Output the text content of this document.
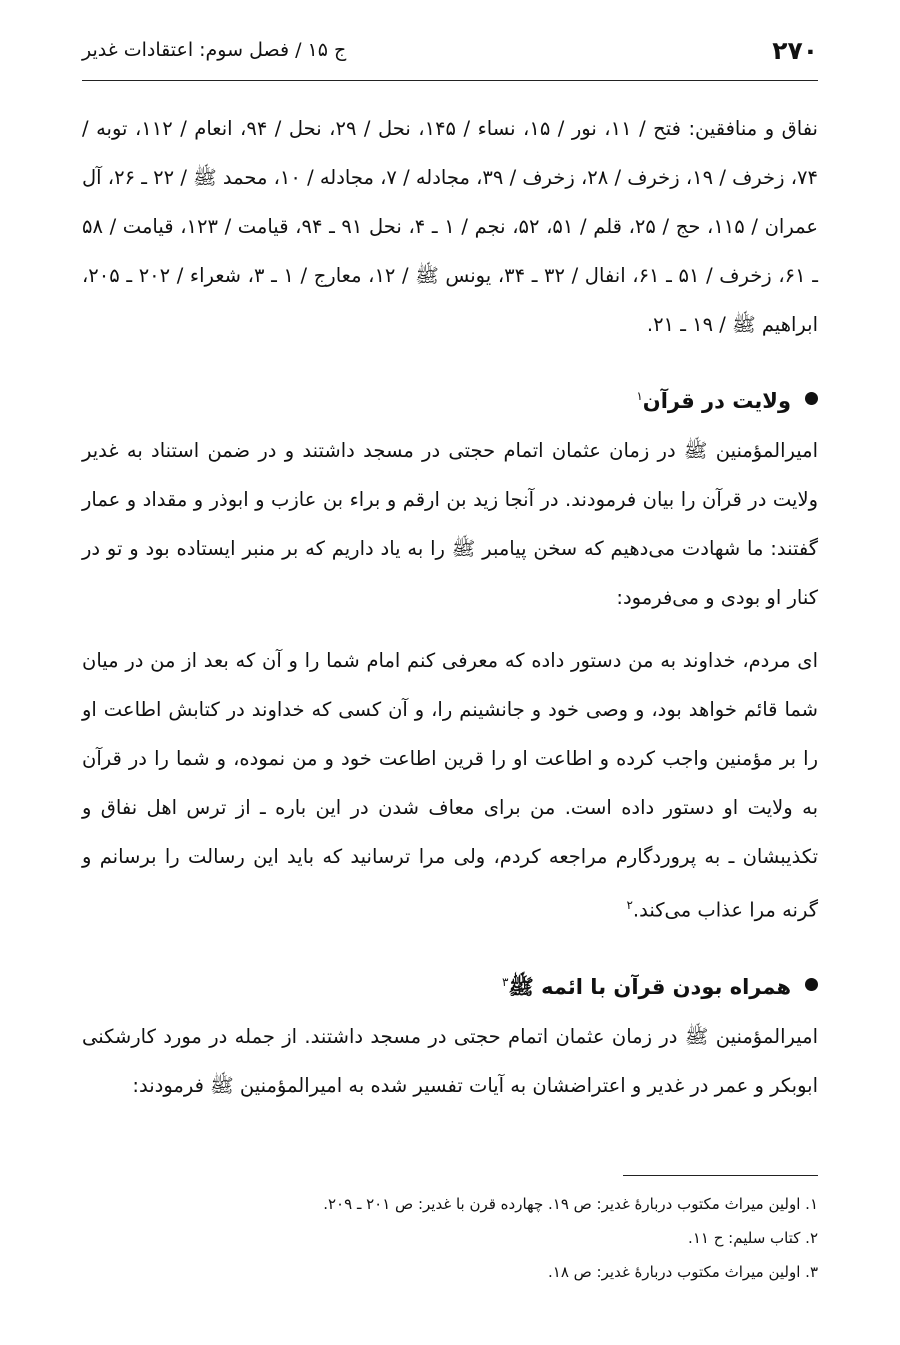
۲۷۰
ج ۱۵ / فصل سوم: اعتقادات غدیر

نفاق و منافقین: فتح / ۱۱، نور / ۱۵، نساء / ۱۴۵، نحل / ۲۹، نحل / ۹۴، انعام / ۱۱۲، توبه / ۷۴، زخرف / ۱۹، زخرف / ۲۸، زخرف / ۳۹، مجادله / ۷، مجادله / ۱۰، محمد ﷺ / ۲۲ ـ ۲۶، آل عمران / ۱۱۵، حج / ۲۵، قلم / ۵۱، ۵۲، نجم / ۱ ـ ۴، نحل ۹۱ ـ ۹۴، قیامت / ۱۲۳، قیامت / ۵۸ ـ ۶۱، زخرف / ۵۱ ـ ۶۱، انفال / ۳۲ ـ ۳۴، یونس ﷺ / ۱۲، معارج / ۱ ـ ۳، شعراء / ۲۰۲ ـ ۲۰۵، ابراهیم ﷺ / ۱۹ ـ ۲۱.

ولایت در قرآن$^۱$

امیرالمؤمنین ﷺ در زمان عثمان اتمام حجتی در مسجد داشتند و در ضمن استناد به غدیر ولایت در قرآن را بیان فرمودند. در آنجا زید بن ارقم و براء بن عازب و ابوذر و مقداد و عمار گفتند: ما شهادت می‌دهیم که سخن پیامبر ﷺ را به یاد داریم که بر منبر ایستاده بود و تو در کنار او بودی و می‌فرمود:

ای مردم، خداوند به من دستور داده که معرفی کنم امام شما را و آن که بعد از من در میان شما قائم خواهد بود، و وصی خود و جانشینم را، و آن کسی که خداوند در کتابش اطاعت او را بر مؤمنین واجب کرده و اطاعت او را قرین اطاعت خود و من نموده، و شما را در قرآن به ولایت او دستور داده است. من برای معاف شدن در این باره ـ از ترس اهل نفاق و تکذیبشان ـ به پروردگارم مراجعه کردم، ولی مرا ترسانید که باید این رسالت را برسانم و گرنه مرا عذاب می‌کند.$^۲$

همراه بودن قرآن با ائمه ﷺ$^۳$

امیرالمؤمنین ﷺ در زمان عثمان اتمام حجتی در مسجد داشتند. از جمله در مورد کارشکنی ابوبکر و عمر در غدیر و اعتراضشان به آیات تفسیر شده به امیرالمؤمنین ﷺ فرمودند:

۱. اولین میراث مکتوب دربارهٔ غدیر: ص ۱۹. چهارده قرن با غدیر: ص ۲۰۱ ـ ۲۰۹.

۲. کتاب سلیم: ح ۱۱.

۳. اولین میراث مکتوب دربارهٔ غدیر: ص ۱۸.
